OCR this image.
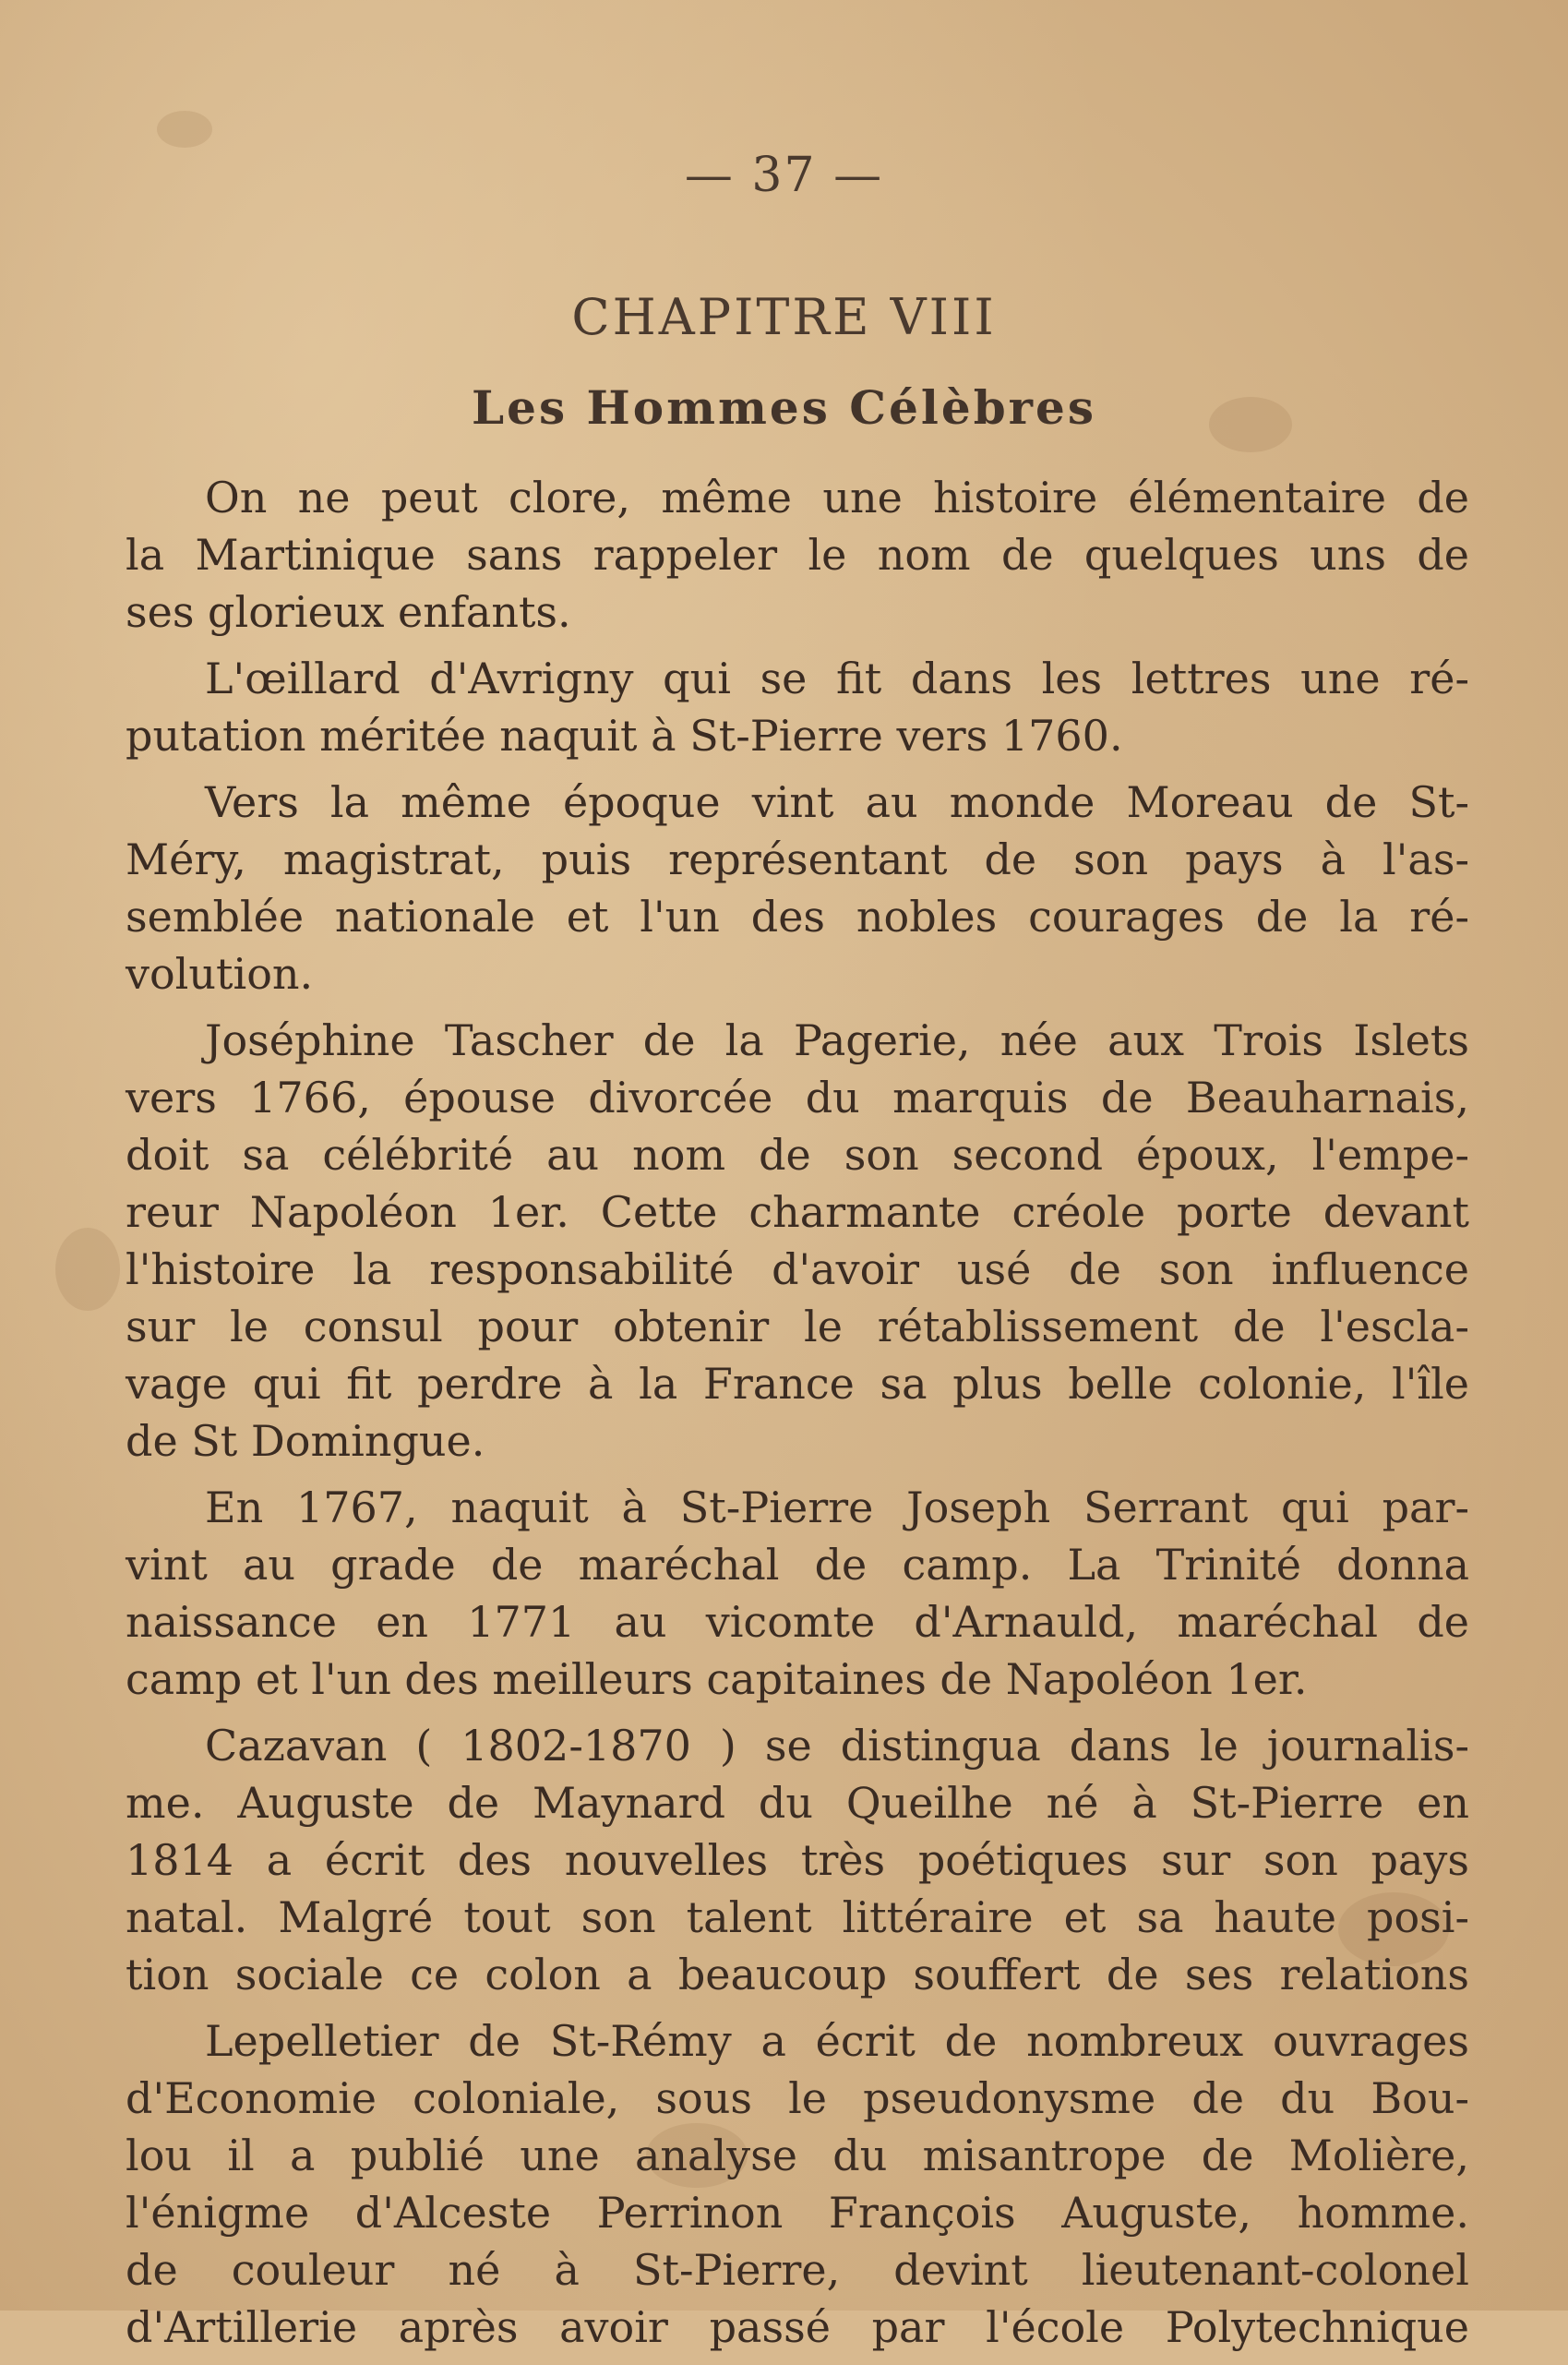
— 37 —
CHAPITRE VIII
Les Hommes Célèbres
On ne peut clore, même une histoire élémentaire de
la Martinique sans rappeler le nom de quelques uns de
ses glorieux enfants.
L'œillard d'Avrigny qui se fit dans les lettres une ré-
putation méritée naquit à St-Pierre vers 1760.
Vers la même époque vint au monde Moreau de St-
Méry, magistrat, puis représentant de son pays à l'as-
semblée nationale et l'un des nobles courages de la ré-
volution.
Joséphine Tascher de la Pagerie, née aux Trois Islets
vers 1766, épouse divorcée du marquis de Beauharnais,
doit sa célébrité au nom de son second époux, l'empe-
reur Napoléon 1er. Cette charmante créole porte devant
l'histoire la responsabilité d'avoir usé de son influence
sur le consul pour obtenir le rétablissement de l'escla-
vage qui fit perdre à la France sa plus belle colonie, l'île
de St Domingue.
En 1767, naquit à St-Pierre Joseph Serrant qui par-
vint au grade de maréchal de camp. La Trinité donna
naissance en 1771 au vicomte d'Arnauld, maréchal de
camp et l'un des meilleurs capitaines de Napoléon 1er.
Cazavan ( 1802-1870 ) se distingua dans le journalis-
me. Auguste de Maynard du Queilhe né à St-Pierre en
1814 a écrit des nouvelles très poétiques sur son pays
natal. Malgré tout son talent littéraire et sa haute posi-
tion sociale ce colon a beaucoup souffert de ses relations
Lepelletier de St-Rémy a écrit de nombreux ouvrages
d'Economie coloniale, sous le pseudonysme de du Bou-
lou il a publié une analyse du misantrope de Molière,
l'énigme d'Alceste Perrinon François Auguste, homme.
de couleur né à St-Pierre, devint lieutenant-colonel
d'Artillerie après avoir passé par l'école Polytechnique
